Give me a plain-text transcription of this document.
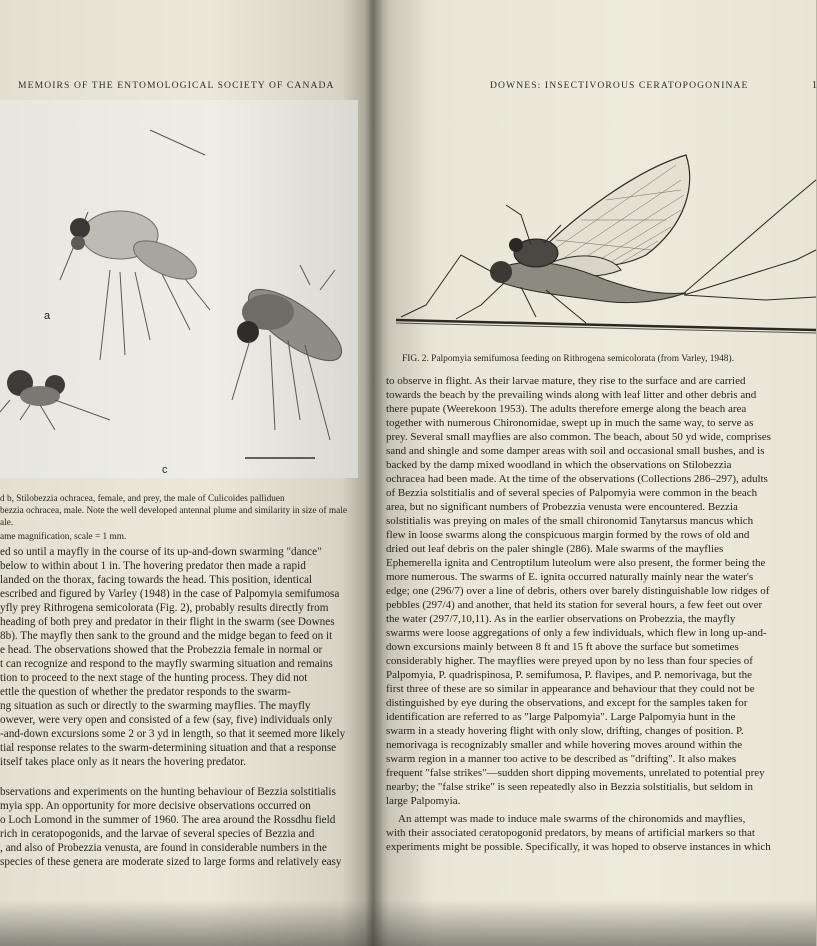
MEMOIRS OF THE ENTOMOLOGICAL SOCIETY OF CANADA
a
c
d b, Stilobezzia ochracea, female, and prey, the male of Culicoides palliduen
bezzia ochracea, male. Note the well developed antennal plume and similarity in size of male
ale.
ame magnification, scale = 1 mm.
ed so until a mayfly in the course of its up-and-down swarming "dance"
below to within about 1 in. The hovering predator then made a rapid
landed on the thorax, facing towards the head. This position, identical
escribed and figured by Varley (1948) in the case of Palpomyia semifumosa
yfly prey Rithrogena semicolorata (Fig. 2), probably results directly from
heading of both prey and predator in their flight in the swarm (see Downes
8b). The mayfly then sank to the ground and the midge began to feed on it
e head. The observations showed that the Probezzia female in normal or
t can recognize and respond to the mayfly swarming situation and remains
tion to proceed to the next stage of the hunting process. They did not
ettle the question of whether the predator responds to the swarm-
ng situation as such or directly to the swarming mayflies. The mayfly
owever, were very open and consisted of a few (say, five) individuals only
-and-down excursions some 2 or 3 yd in length, so that it seemed more likely
tial response relates to the swarm-determining situation and that a response
itself takes place only as it nears the hovering predator.
bservations and experiments on the hunting behaviour of Bezzia solstitialis
myia spp. An opportunity for more decisive observations occurred on
o Loch Lomond in the summer of 1960. The area around the Rossdhu field
rich in ceratopogonids, and the larvae of several species of Bezzia and
, and also of Probezzia venusta, are found in considerable numbers in the
species of these genera are moderate sized to large forms and relatively easy
DOWNES: INSECTIVOROUS CERATOPOGONINAE
FIG. 2. Palpomyia semifumosa feeding on Rithrogena semicolorata (from Varley, 1948).
to observe in flight. As their larvae mature, they rise to the surface and are carried
towards the beach by the prevailing winds along with leaf litter and other debris and
there pupate (Weerekoon 1953). The adults therefore emerge along the beach area
together with numerous Chironomidae, swept up in much the same way, to serve as
prey. Several small mayflies are also common. The beach, about 50 yd wide, comprises
sand and shingle and some damper areas with soil and occasional small bushes, and is
backed by the damp mixed woodland in which the observations on Stilobezzia
ochracea had been made. At the time of the observations (Collections 286–297), adults
of Bezzia solstitialis and of several species of Palpomyia were common in the beach
area, but no significant numbers of Probezzia venusta were encountered. Bezzia
solstitialis was preying on males of the small chironomid Tanytarsus mancus which
flew in loose swarms along the conspicuous margin formed by the rows of old and
dried out leaf debris on the paler shingle (286). Male swarms of the mayflies
Ephemerella ignita and Centroptilum luteolum were also present, the former being the
more numerous. The swarms of E. ignita occurred naturally mainly near the water's
edge; one (296/7) over a line of debris, others over barely distinguishable low ridges of
pebbles (297/4) and another, that held its station for several hours, a few feet out over
the water (297/7,10,11). As in the earlier observations on Probezzia, the mayfly
swarms were loose aggregations of only a few individuals, which flew in long up-and-
down excursions mainly between 8 ft and 15 ft above the surface but sometimes
considerably higher. The mayflies were preyed upon by no less than four species of
Palpomyia, P. quadrispinosa, P. semifumosa, P. flavipes, and P. nemorivaga, but the
first three of these are so similar in appearance and behaviour that they could not be
distinguished by eye during the observations, and except for the samples taken for
identification are referred to as "large Palpomyia". Large Palpomyia hunt in the
swarm in a steady hovering flight with only slow, drifting, changes of position. P.
nemorivaga is recognizably smaller and while hovering moves around within the
swarm region in a manner too active to be described as "drifting". It also makes
frequent "false strikes"—sudden short dipping movements, unrelated to potential prey
nearby; the "false strike" is seen repeatedly also in Bezzia solstitialis, but seldom in
large Palpomyia.
An attempt was made to induce male swarms of the chironomids and mayflies,
with their associated ceratopogonid predators, by means of artificial markers so that
experiments might be possible. Specifically, it was hoped to observe instances in which
1
